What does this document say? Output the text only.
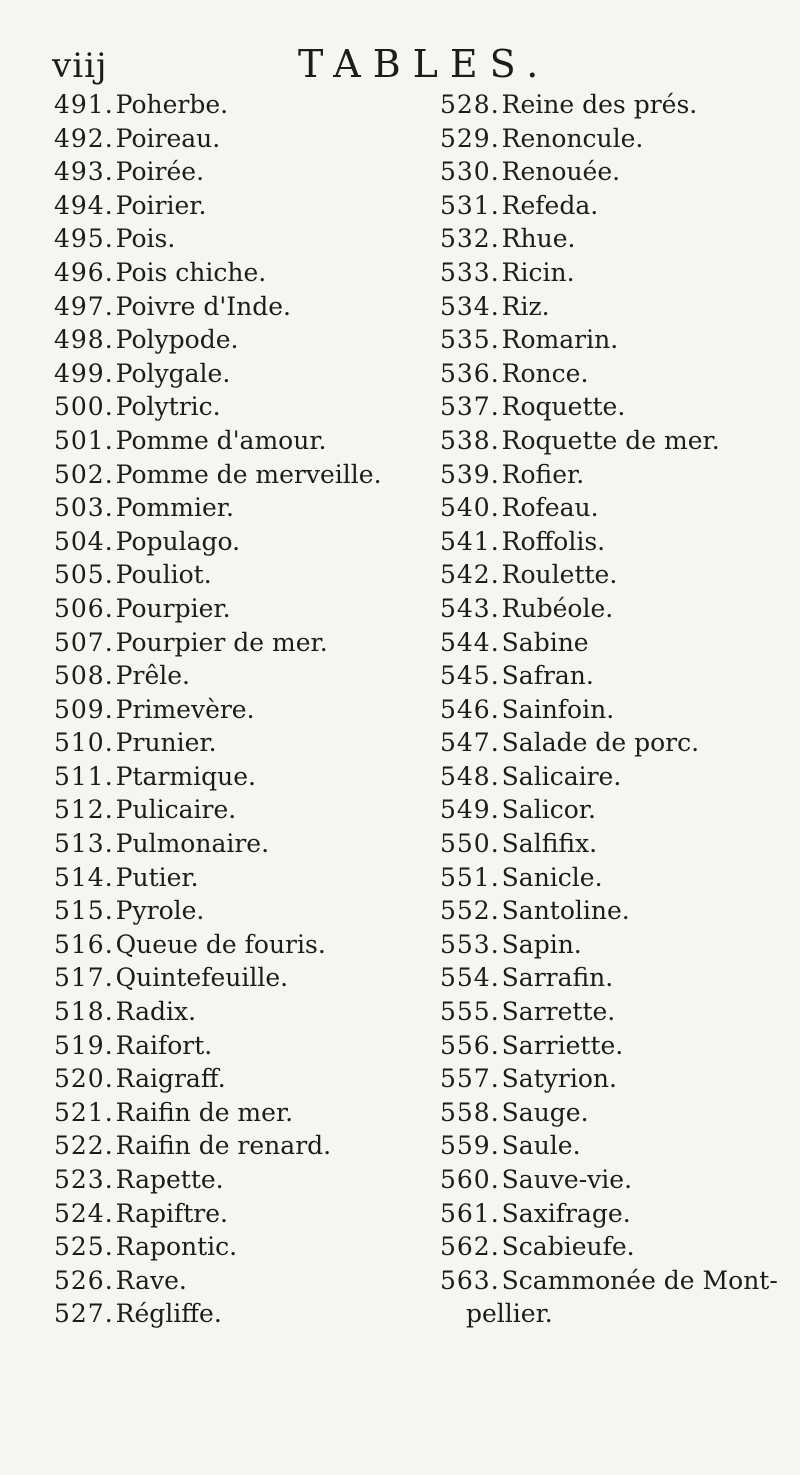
viij	TABLES.
491.Poherbe.
492.Poireau.
493.Poirée.
494.Poirier.
495.Pois.
496.Pois chiche.
497.Poivre d'Inde.
498.Polypode.
499.Polygale.
500.Polytric.
501.Pomme d'amour.
502.Pomme de merveille.
503.Pommier.
504.Populago.
505.Pouliot.
506.Pourpier.
507.Pourpier de mer.
508.Prêle.
509.Primevère.
510.Prunier.
511.Ptarmique.
512.Pulicaire.
513.Pulmonaire.
514.Putier.
515.Pyrole.
516.Queue de fouris.
517.Quintefeuille.
518.Radix.
519.Raifort.
520.Raigraff.
521.Raifin de mer.
522.Raifin de renard.
523.Rapette.
524.Rapiftre.
525.Rapontic.
526.Rave.
527.Régliffe.
528.Reine des prés.
529.Renoncule.
530.Renouée.
531.Refeda.
532.Rhue.
533.Ricin.
534.Riz.
535.Romarin.
536.Ronce.
537.Roquette.
538.Roquette de mer.
539.Rofier.
540.Rofeau.
541.Roffolis.
542.Roulette.
543.Rubéole.
544.Sabine
545.Safran.
546.Sainfoin.
547.Salade de porc.
548.Salicaire.
549.Salicor.
550.Salfifix.
551.Sanicle.
552.Santoline.
553.Sapin.
554.Sarrafin.
555.Sarrette.
556.Sarriette.
557.Satyrion.
558.Sauge.
559.Saule.
560.Sauve-vie.
561.Saxifrage.
562.Scabieufe.
563.Scammonée de Mont-
pellier.
